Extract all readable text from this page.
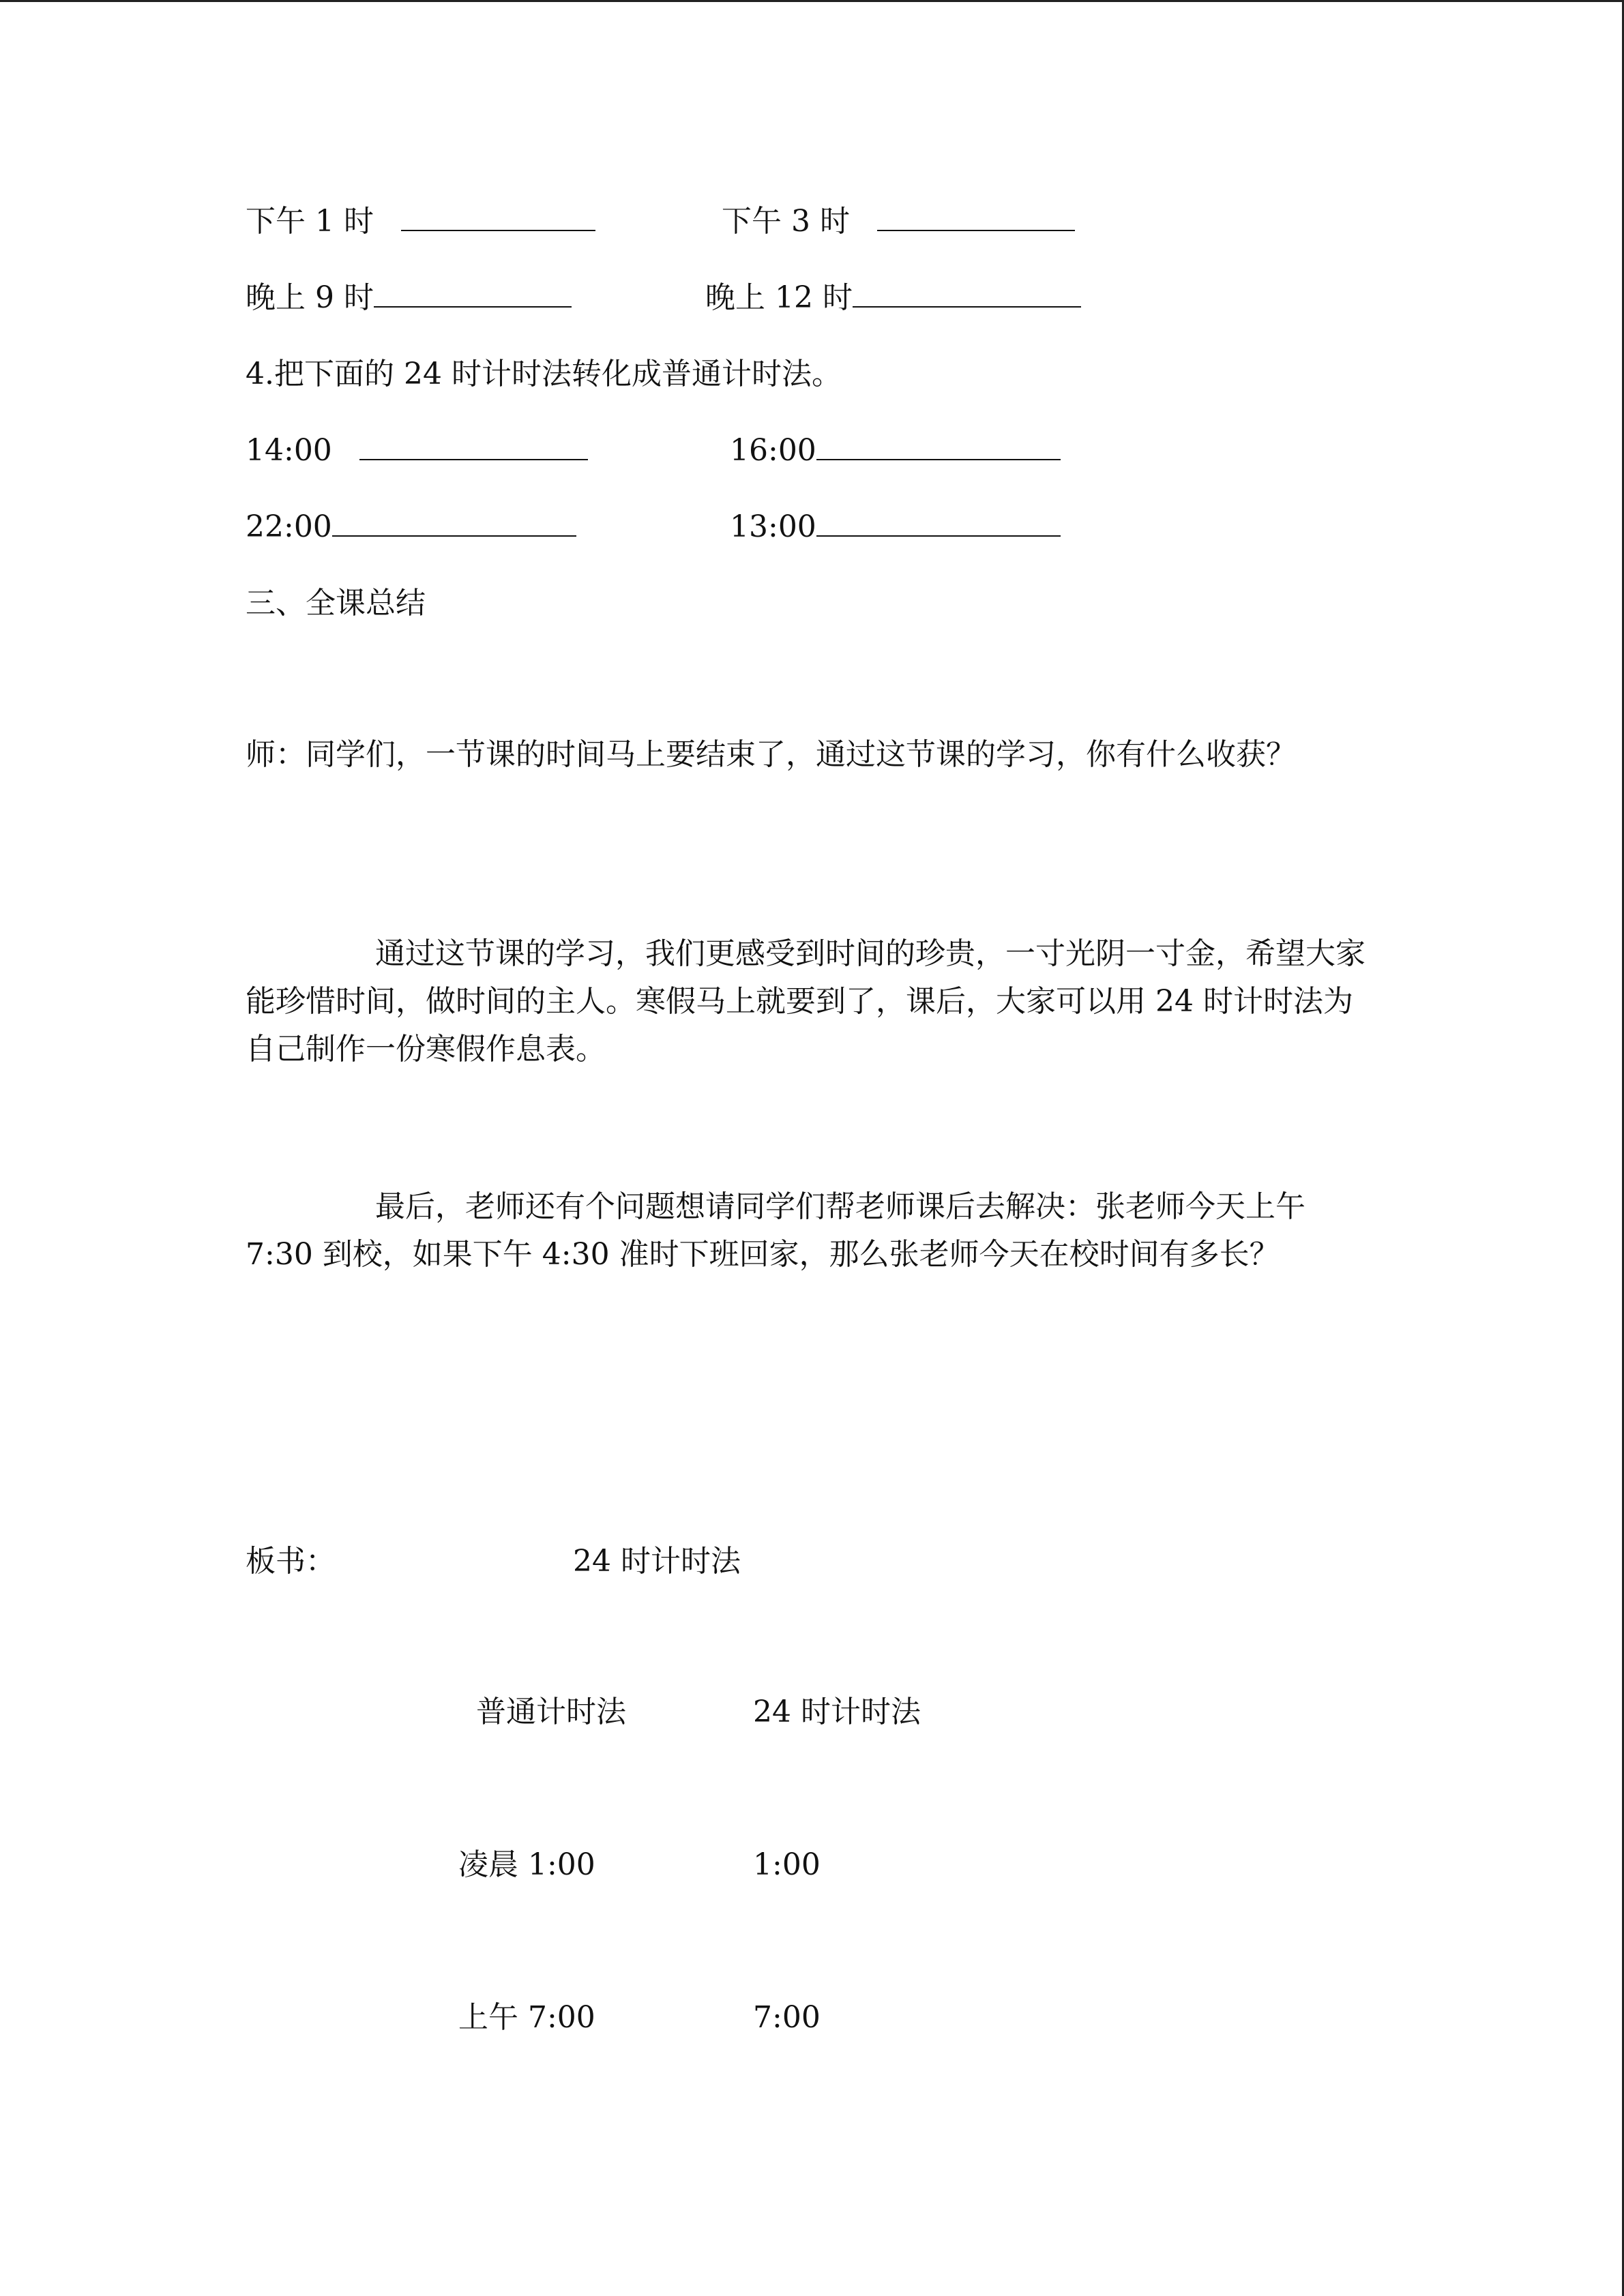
下午 1 时	下午 3 时
晚上 9 时	晚上 12 时
4.把下面的 24 时计时法转化成普通计时法。
14:00	16:00
22:00	13:00
三、全课总结
师：同学们，一节课的时间马上要结束了，通过这节课的学习，你有什么收获？
通过这节课的学习，我们更感受到时间的珍贵，一寸光阴一寸金，希望大家能珍惜时间，做时间的主人。寒假马上就要到了，课后，大家可以用 24 时计时法为自己制作一份寒假作息表。
最后，老师还有个问题想请同学们帮老师课后去解决：张老师今天上午 7:30 到校，如果下午 4:30 准时下班回家，那么张老师今天在校时间有多长？
板书：	24 时计时法
普通计时法	24 时计时法
凌晨 1:00	1:00
上午 7:00	7:00
